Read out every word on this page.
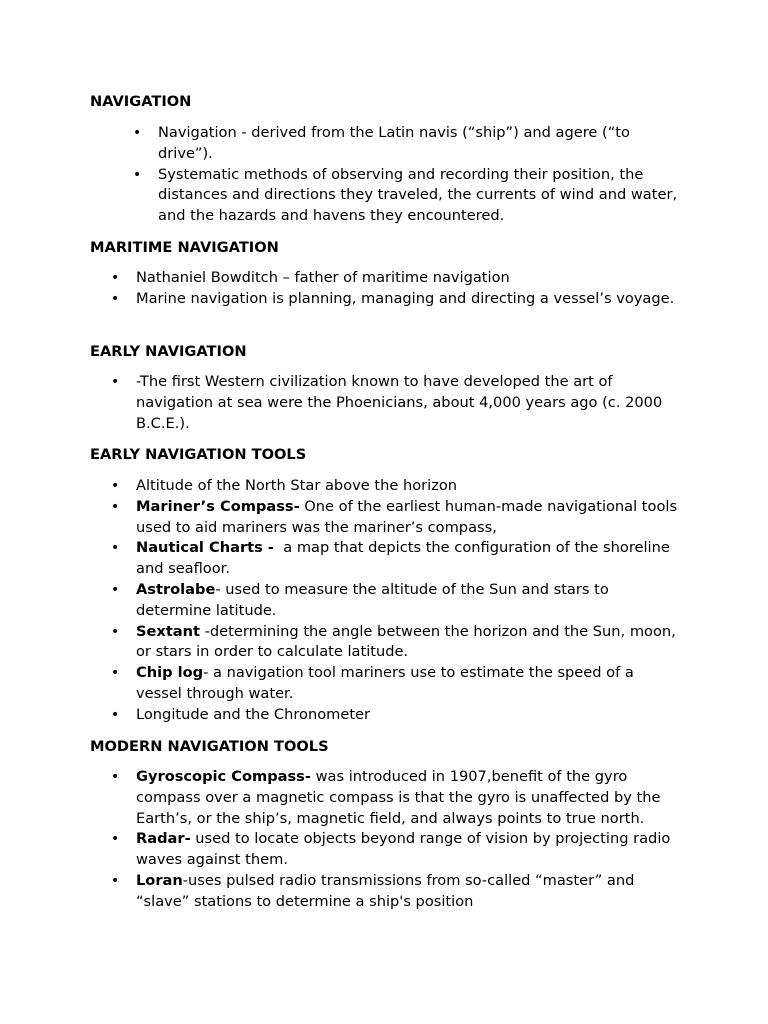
NAVIGATION
• Navigation - derived from the Latin navis (“ship”) and agere (“to drive”).
• Systematic methods of observing and recording their position, the distances and directions they traveled, the currents of wind and water, and the hazards and havens they encountered.
MARITIME NAVIGATION
• Nathaniel Bowditch – father of maritime navigation
• Marine navigation is planning, managing and directing a vessel’s voyage.
EARLY NAVIGATION
• -The first Western civilization known to have developed the art of navigation at sea were the Phoenicians, about 4,000 years ago (c. 2000 B.C.E.).
EARLY NAVIGATION TOOLS
• Altitude of the North Star above the horizon
• Mariner’s Compass- One of the earliest human-made navigational tools used to aid mariners was the mariner’s compass,
• Nautical Charts -  a map that depicts the configuration of the shoreline and seafloor.
• Astrolabe- used to measure the altitude of the Sun and stars to determine latitude.
• Sextant -determining the angle between the horizon and the Sun, moon, or stars in order to calculate latitude.
• Chip log- a navigation tool mariners use to estimate the speed of a vessel through water.
• Longitude and the Chronometer
MODERN NAVIGATION TOOLS
• Gyroscopic Compass- was introduced in 1907,benefit of the gyro compass over a magnetic compass is that the gyro is unaffected by the Earth’s, or the ship’s, magnetic field, and always points to true north.
• Radar- used to locate objects beyond range of vision by projecting radio waves against them.
• Loran-uses pulsed radio transmissions from so-called “master” and “slave” stations to determine a ship's position
